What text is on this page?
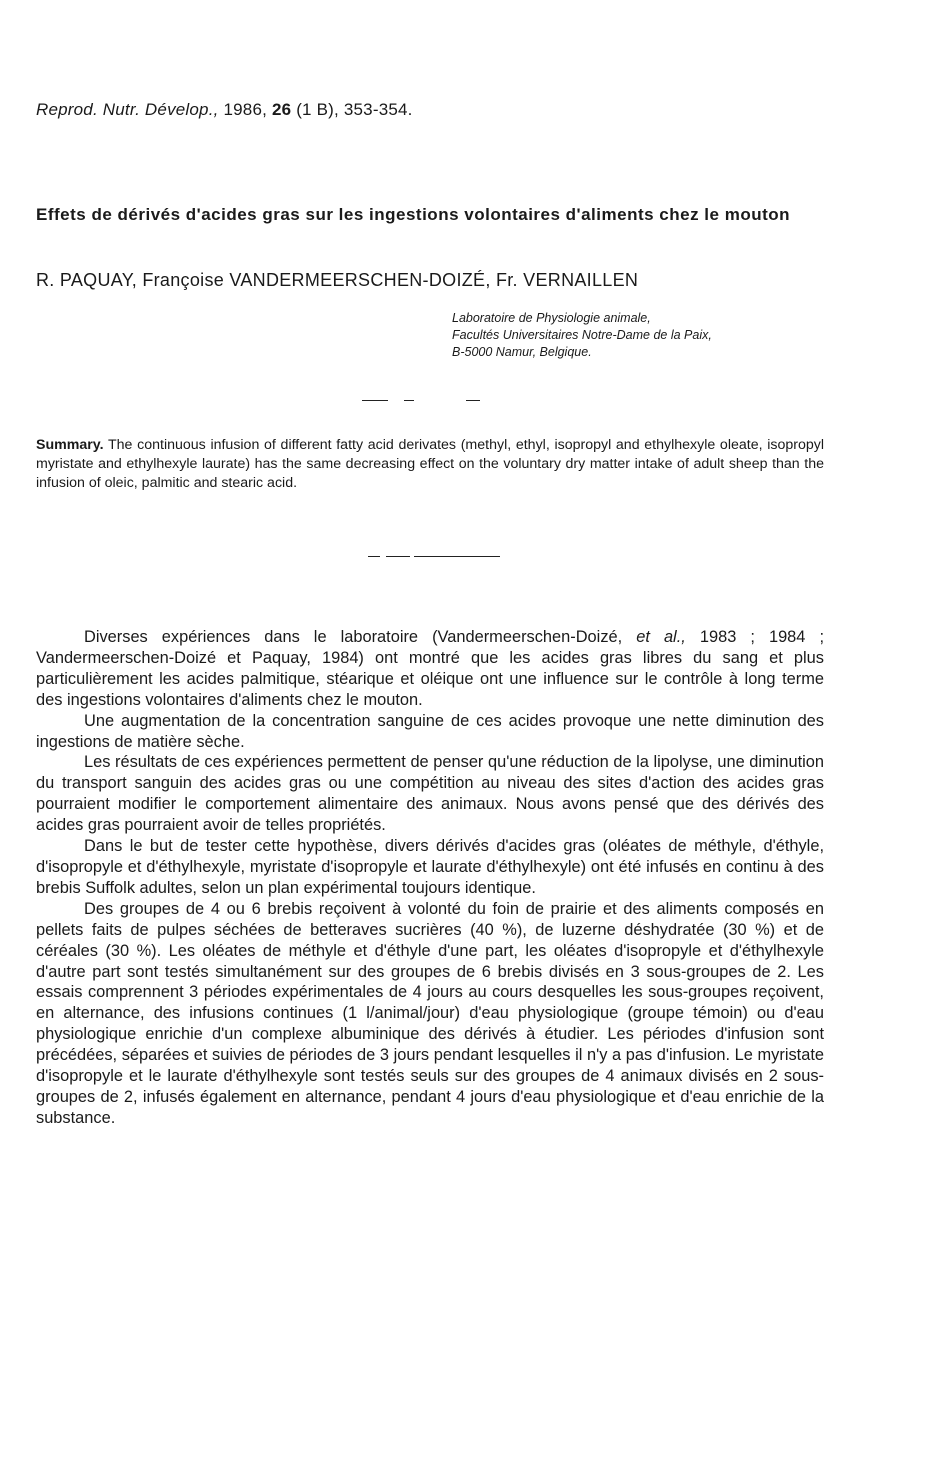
Reprod. Nutr. Dévelop., 1986, 26 (1 B), 353-354.
Effets de dérivés d'acides gras sur les ingestions volontaires d'aliments chez le mouton
R. PAQUAY, Françoise VANDERMEERSCHEN-DOIZÉ, Fr. VERNAILLEN
Laboratoire de Physiologie animale,
Facultés Universitaires Notre-Dame de la Paix,
B-5000 Namur, Belgique.
Summary. The continuous infusion of different fatty acid derivates (methyl, ethyl, isopropyl and ethylhexyle oleate, isopropyl myristate and ethylhexyle laurate) has the same decreasing effect on the voluntary dry matter intake of adult sheep than the infusion of oleic, palmitic and stearic acid.

Diverses expériences dans le laboratoire (Vandermeerschen-Doizé, et al., 1983 ; 1984 ; Vandermeerschen-Doizé et Paquay, 1984) ont montré que les acides gras libres du sang et plus particulièrement les acides palmitique, stéarique et oléique ont une influence sur le contrôle à long terme des ingestions volontaires d'aliments chez le mouton.

Une augmentation de la concentration sanguine de ces acides provoque une nette diminution des ingestions de matière sèche.

Les résultats de ces expériences permettent de penser qu'une réduction de la lipolyse, une diminution du transport sanguin des acides gras ou une compétition au niveau des sites d'action des acides gras pourraient modifier le comportement alimentaire des animaux. Nous avons pensé que des dérivés des acides gras pourraient avoir de telles propriétés.

Dans le but de tester cette hypothèse, divers dérivés d'acides gras (oléates de méthyle, d'éthyle, d'isopropyle et d'éthylhexyle, myristate d'isopropyle et laurate d'éthylhexyle) ont été infusés en continu à des brebis Suffolk adultes, selon un plan expérimental toujours identique.

Des groupes de 4 ou 6 brebis reçoivent à volonté du foin de prairie et des aliments composés en pellets faits de pulpes séchées de betteraves sucrières (40 %), de luzerne déshydratée (30 %) et de céréales (30 %). Les oléates de méthyle et d'éthyle d'une part, les oléates d'isopropyle et d'éthylhexyle d'autre part sont testés simultanément sur des groupes de 6 brebis divisés en 3 sous-groupes de 2. Les essais comprennent 3 périodes expérimentales de 4 jours au cours desquelles les sous-groupes reçoivent, en alternance, des infusions continues (1 l/animal/jour) d'eau physiologique (groupe témoin) ou d'eau physiologique enrichie d'un complexe albuminique des dérivés à étudier. Les périodes d'infusion sont précédées, séparées et suivies de périodes de 3 jours pendant lesquelles il n'y a pas d'infusion. Le myristate d'isopropyle et le laurate d'éthylhexyle sont testés seuls sur des groupes de 4 animaux divisés en 2 sous-groupes de 2, infusés également en alternance, pendant 4 jours d'eau physiologique et d'eau enrichie de la substance.
